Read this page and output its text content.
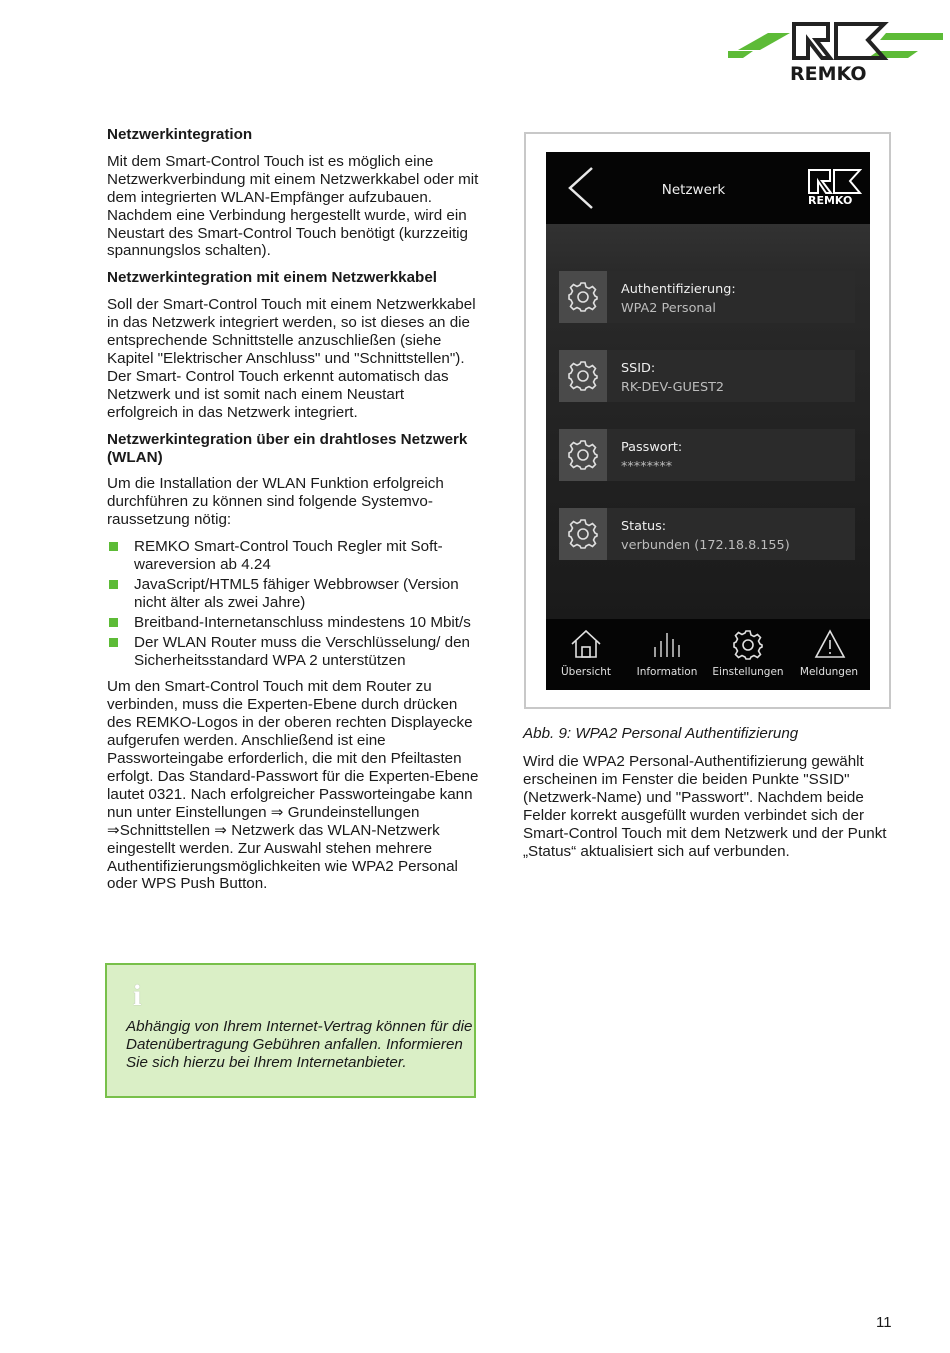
REMKO
Netzwerkintegration

Mit dem Smart-Control Touch ist es möglich eine Netzwerkverbindung mit einem Netzwerkkabel oder mit dem integrierten WLAN-Empfänger aufzubauen. Nachdem eine Verbindung hergestellt wurde, wird ein Neustart des Smart-Control Touch benötigt (kurzzeitig spannungslos schalten).

Netzwerkintegration mit einem Netzwerkkabel

Soll der Smart-Control Touch mit einem Netzwerkkabel in das Netzwerk integriert werden, so ist dieses an die entsprechende Schnittstelle anzuschließen (siehe Kapitel "Elektrischer Anschluss" und "Schnittstellen"). Der Smart- Control Touch erkennt automatisch das Netzwerk und ist somit nach einem Neustart erfolgreich in das Netzwerk integriert.

Netzwerkintegration über ein drahtloses Netzwerk (WLAN)

Um die Installation der WLAN Funktion erfolgreich durchführen zu können sind folgende Systemvoraussetzung nötig:

REMKO Smart-Control Touch Regler mit Softwareversion ab 4.24
JavaScript/HTML5 fähiger Webbrowser (Version nicht älter als zwei Jahre)
Breitband-Internetanschluss mindestens 10 Mbit/s
Der WLAN Router muss die Verschlüsselung/ den Sicherheitsstandard WPA 2 unterstützen

Um den Smart-Control Touch mit dem Router zu verbinden, muss die Experten-Ebene durch drücken des REMKO-Logos in der oberen rechten Displayecke aufgerufen werden. Anschließend ist eine Passworteingabe erforderlich, die mit den Pfeiltasten erfolgt. Das Standard-Passwort für die Experten-Ebene lautet 0321. Nach erfolgreicher Passworteingabe kann nun unter Einstellungen ⇒ Grundeinstellungen ⇒Schnittstellen ⇒ Netzwerk das WLAN-Netzwerk eingestellt werden. Zur Auswahl stehen mehrere Authentifizierungsmöglichkeiten wie WPA2 Personal oder WPS Push Button.

i
Abhängig von Ihrem Internet-Vertrag können für die Datenübertragung Gebühren anfallen. Informieren Sie sich hierzu bei Ihrem Internetanbieter.
Netzwerk
REMKO
Authentifizierung:
WPA2 Personal
SSID:
RK-DEV-GUEST2
Passwort:
********
Status:
verbunden (172.18.8.155)
Übersicht	Information	Einstellungen	Meldungen
Abb. 9: WPA2 Personal Authentifizierung
Wird die WPA2 Personal-Authentifizierung gewählt erscheinen im Fenster die beiden Punkte "SSID" (Netzwerk-Name) und "Passwort". Nachdem beide Felder korrekt ausgefüllt wurden verbindet sich der Smart-Control Touch mit dem Netzwerk und der Punkt „Status“ aktualisiert sich auf verbunden.
11
